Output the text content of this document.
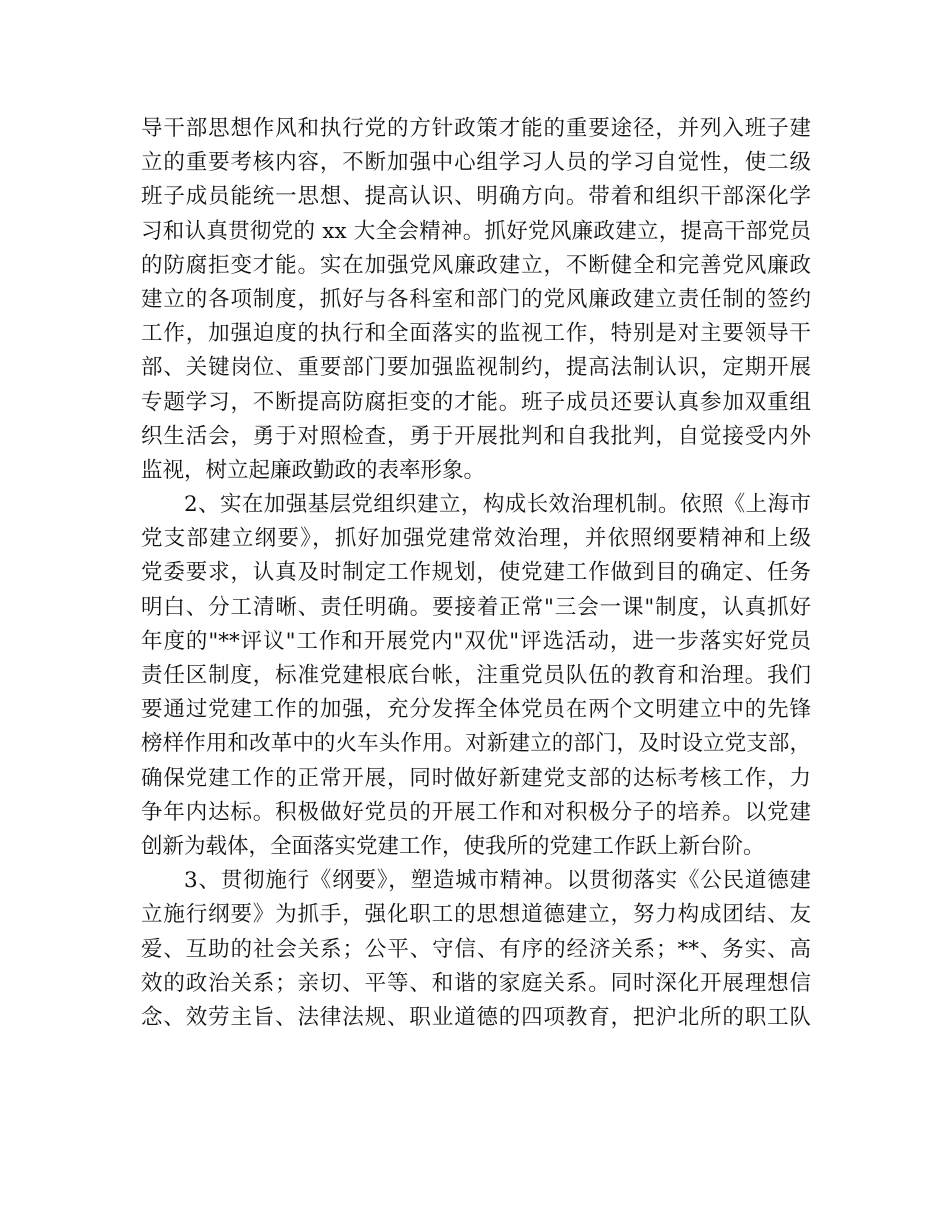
导干部思想作风和执行党的方针政策才能的重要途径，并列入班子建
立的重要考核内容，不断加强中心组学习人员的学习自觉性，使二级
班子成员能统一思想、提高认识、明确方向。带着和组织干部深化学
习和认真贯彻党的 xx 大全会精神。抓好党风廉政建立，提高干部党员
的防腐拒变才能。实在加强党风廉政建立，不断健全和完善党风廉政
建立的各项制度，抓好与各科室和部门的党风廉政建立责任制的签约
工作，加强迫度的执行和全面落实的监视工作，特别是对主要领导干
部、关键岗位、重要部门要加强监视制约，提高法制认识，定期开展
专题学习，不断提高防腐拒变的才能。班子成员还要认真参加双重组
织生活会，勇于对照检查，勇于开展批判和自我批判，自觉接受内外
监视，树立起廉政勤政的表率形象。
2、实在加强基层党组织建立，构成长效治理机制。依照《上海市
党支部建立纲要》，抓好加强党建常效治理，并依照纲要精神和上级
党委要求，认真及时制定工作规划，使党建工作做到目的确定、任务
明白、分工清晰、责任明确。要接着正常"三会一课"制度，认真抓好
年度的"**评议"工作和开展党内"双优"评选活动，进一步落实好党员
责任区制度，标准党建根底台帐，注重党员队伍的教育和治理。我们
要通过党建工作的加强，充分发挥全体党员在两个文明建立中的先锋
榜样作用和改革中的火车头作用。对新建立的部门，及时设立党支部，
确保党建工作的正常开展，同时做好新建党支部的达标考核工作，力
争年内达标。积极做好党员的开展工作和对积极分子的培养。以党建
创新为载体，全面落实党建工作，使我所的党建工作跃上新台阶。
3、贯彻施行《纲要》，塑造城市精神。以贯彻落实《公民道德建
立施行纲要》为抓手，强化职工的思想道德建立，努力构成团结、友
爱、互助的社会关系；公平、守信、有序的经济关系；**、务实、高
效的政治关系；亲切、平等、和谐的家庭关系。同时深化开展理想信
念、效劳主旨、法律法规、职业道德的四项教育，把沪北所的职工队
